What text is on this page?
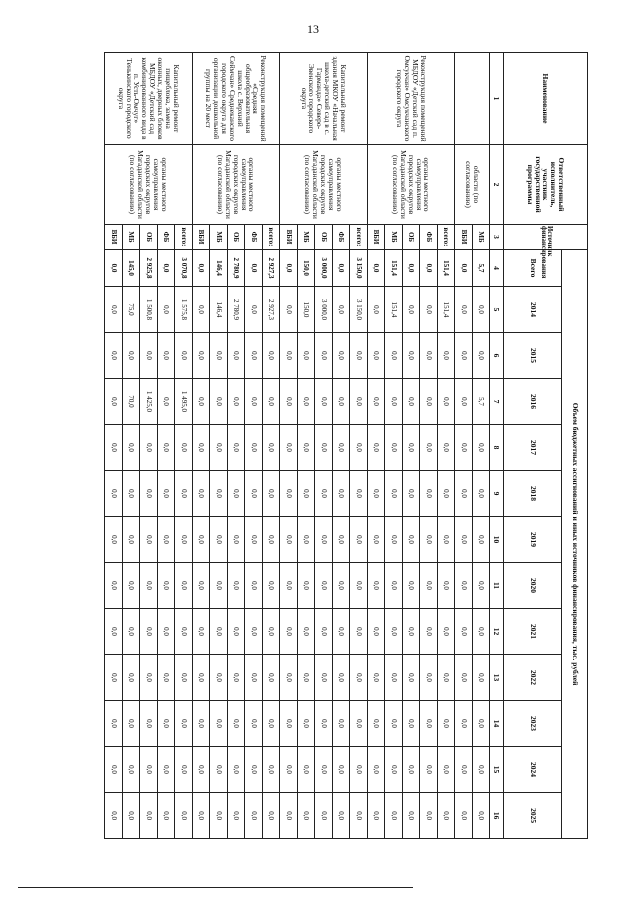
13
Наименование	Ответственный исполнитель, участник государственной программы	Источник финансирования	Объем бюджетных ассигнований и иных источников финансирования, тыс. рублей												
			Всего	2014	2015	2016	2017	2018	2019	2020	2021	2022	2023	2024	2025
1	2	3	4	5	6	7	8	9	10	11	12	13	14	15	16
	области (по согласованию)	МБ	5,7	0,0	0,0	5,7	0,0	0,0	0,0	0,0	0,0	0,0	0,0	0,0	0,0
		ВБИ	0,0	0,0	0,0	0,0	0,0	0,0	0,0	0,0	0,0	0,0	0,0	0,0	0,0
Реконструкция помещений МБДОУ «Детский сад п. Омсукчан» Омсукчанского городского округа	органы местного самоуправления городских округов Магаданской области (по согласованию)	всего:	151,4	151,4	0,0	0,0	0,0	0,0	0,0	0,0	0,0	0,0	0,0	0,0	0,0
		ФБ	0,0	0,0	0,0	0,0	0,0	0,0	0,0	0,0	0,0	0,0	0,0	0,0	0,0
		ОБ	0,0	0,0	0,0	0,0	0,0	0,0	0,0	0,0	0,0	0,0	0,0	0,0	0,0
		МБ	151,4	151,4	0,0	0,0	0,0	0,0	0,0	0,0	0,0	0,0	0,0	0,0	0,0
		ВБИ	0,0	0,0	0,0	0,0	0,0	0,0	0,0	0,0	0,0	0,0	0,0	0,0	0,0
Капитальный ремонт здания МКОУ «Начальная школа-детский сад в с. Гарманда» Северо-Эвенского городского округа	органы местного самоуправления городских округов Магаданской области (по согласованию)	всего:	3 150,0	3 150,0	0,0	0,0	0,0	0,0	0,0	0,0	0,0	0,0	0,0	0,0	0,0
		ФБ	0,0	0,0	0,0	0,0	0,0	0,0	0,0	0,0	0,0	0,0	0,0	0,0	0,0
		ОБ	3 000,0	3 000,0	0,0	0,0	0,0	0,0	0,0	0,0	0,0	0,0	0,0	0,0	0,0
		МБ	150,0	150,0	0,0	0,0	0,0	0,0	0,0	0,0	0,0	0,0	0,0	0,0	0,0
		ВБИ	0,0	0,0	0,0	0,0	0,0	0,0	0,0	0,0	0,0	0,0	0,0	0,0	0,0
Реконструкция помещений «Средняя общеобразовательная школа с. Верхний Сеймчан» Среднеканского городского округа для организации дошкольной группы на 20 мест	органы местного самоуправления городских округов Магаданской области (по согласованию)	всего:	2 927,3	2 927,3	0,0	0,0	0,0	0,0	0,0	0,0	0,0	0,0	0,0	0,0	0,0
		ФБ	0,0	0,0	0,0	0,0	0,0	0,0	0,0	0,0	0,0	0,0	0,0	0,0	0,0
		ОБ	2 780,9	2 780,9	0,0	0,0	0,0	0,0	0,0	0,0	0,0	0,0	0,0	0,0	0,0
		МБ	146,4	146,4	0,0	0,0	0,0	0,0	0,0	0,0	0,0	0,0	0,0	0,0	0,0
		ВБИ	0,0	0,0	0,0	0,0	0,0	0,0	0,0	0,0	0,0	0,0	0,0	0,0	0,0
Капитальный ремонт пищеблока, замена оконных, дверных блоков МБДОУ «Детский сад комбинированного вида в п. Усть-Омчуг» Тенькинского городского округа	органы местного самоуправления городских округов Магаданской области (по согласованию)	всего:	3 070,8	1 575,8	0,0	1 495,0	0,0	0,0	0,0	0,0	0,0	0,0	0,0	0,0	0,0
		ФБ	0,0	0,0	0,0	0,0	0,0	0,0	0,0	0,0	0,0	0,0	0,0	0,0	0,0
		ОБ	2 925,8	1 500,8	0,0	1 425,0	0,0	0,0	0,0	0,0	0,0	0,0	0,0	0,0	0,0
		МБ	145,0	75,0	0,0	70,0	0,0	0,0	0,0	0,0	0,0	0,0	0,0	0,0	0,0
		ВБИ	0,0	0,0	0,0	0,0	0,0	0,0	0,0	0,0	0,0	0,0	0,0	0,0	0,0
